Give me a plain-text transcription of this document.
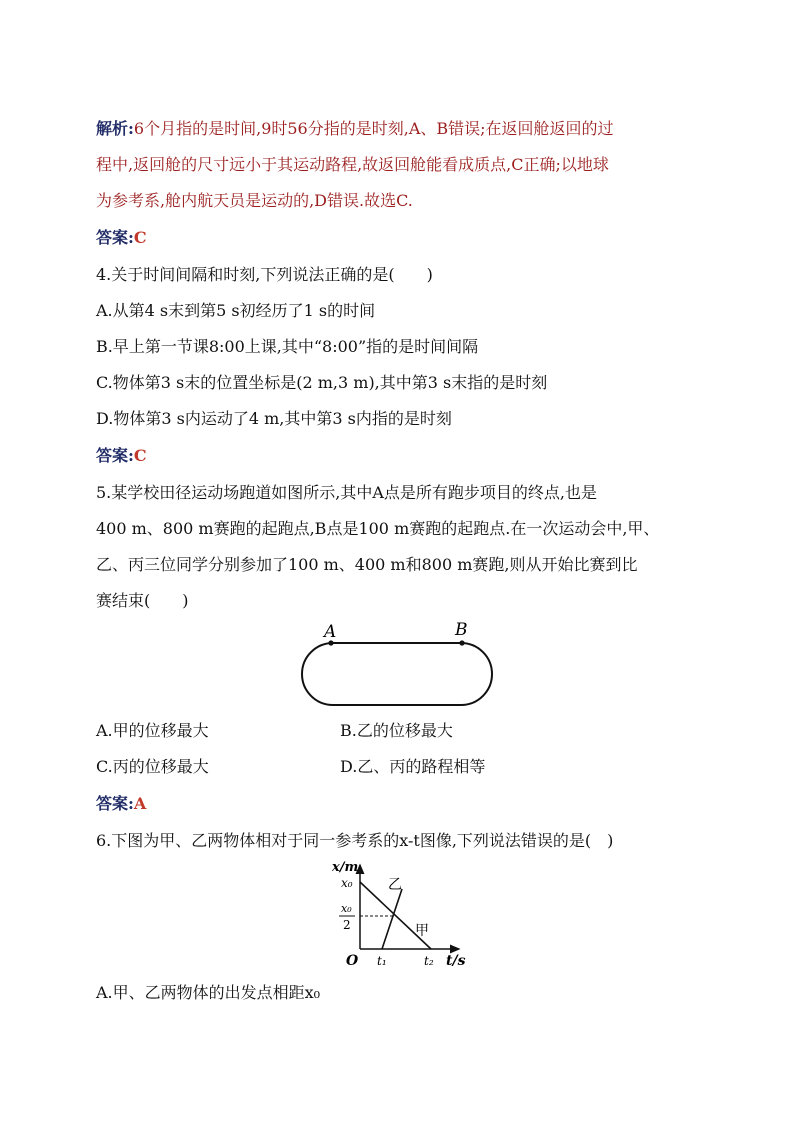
解析:6个月指的是时间,9时56分指的是时刻,A、B错误;在返回舱返回的过
程中,返回舱的尺寸远小于其运动路程,故返回舱能看成质点,C正确;以地球
为参考系,舱内航天员是运动的,D错误.故选C.
答案:C
4.关于时间间隔和时刻,下列说法正确的是(　　)
A.从第4 s末到第5 s初经历了1 s的时间
B.早上第一节课8:00上课,其中“8:00”指的是时间间隔
C.物体第3 s末的位置坐标是(2 m,3 m),其中第3 s末指的是时刻
D.物体第3 s内运动了4 m,其中第3 s内指的是时刻
答案:C
5.某学校田径运动场跑道如图所示,其中A点是所有跑步项目的终点,也是
400 m、800 m赛跑的起跑点,B点是100 m赛跑的起跑点.在一次运动会中,甲、
乙、丙三位同学分别参加了100 m、400 m和800 m赛跑,则从开始比赛到比
赛结束(　　)
A	B
A.甲的位移最大	B.乙的位移最大
C.丙的位移最大	D.乙、丙的路程相等
答案:A
6.下图为甲、乙两物体相对于同一参考系的x-t图像,下列说法错误的是(　)
x/m
x₀
x₀
2
O t₁	t₂ t/s
乙
甲
A.甲、乙两物体的出发点相距x₀
